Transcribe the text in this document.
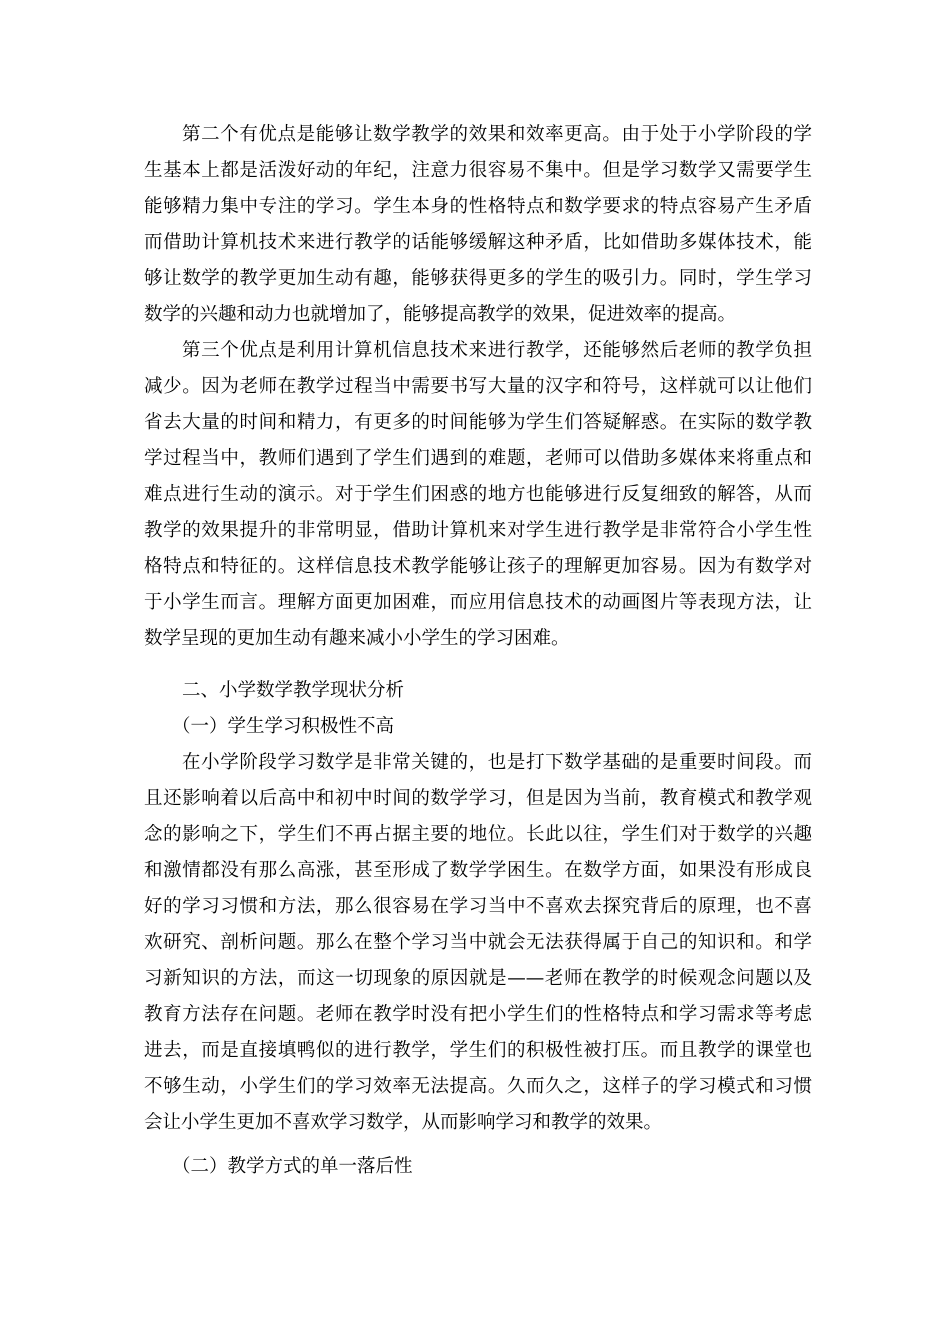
第二个有优点是能够让数学教学的效果和效率更高。由于处于小学阶段的学
生基本上都是活泼好动的年纪，注意力很容易不集中。但是学习数学又需要学生
能够精力集中专注的学习。学生本身的性格特点和数学要求的特点容易产生矛盾
而借助计算机技术来进行教学的话能够缓解这种矛盾，比如借助多媒体技术，能
够让数学的教学更加生动有趣，能够获得更多的学生的吸引力。同时，学生学习
数学的兴趣和动力也就增加了，能够提高教学的效果，促进效率的提高。
第三个优点是利用计算机信息技术来进行教学，还能够然后老师的教学负担
减少。因为老师在教学过程当中需要书写大量的汉字和符号，这样就可以让他们
省去大量的时间和精力，有更多的时间能够为学生们答疑解惑。在实际的数学教
学过程当中，教师们遇到了学生们遇到的难题，老师可以借助多媒体来将重点和
难点进行生动的演示。对于学生们困惑的地方也能够进行反复细致的解答，从而
教学的效果提升的非常明显，借助计算机来对学生进行教学是非常符合小学生性
格特点和特征的。这样信息技术教学能够让孩子的理解更加容易。因为有数学对
于小学生而言。理解方面更加困难，而应用信息技术的动画图片等表现方法，让
数学呈现的更加生动有趣来减小小学生的学习困难。
二、小学数学教学现状分析
（一）学生学习积极性不高
在小学阶段学习数学是非常关键的，也是打下数学基础的是重要时间段。而
且还影响着以后高中和初中时间的数学学习，但是因为当前，教育模式和教学观
念的影响之下，学生们不再占据主要的地位。长此以往，学生们对于数学的兴趣
和激情都没有那么高涨，甚至形成了数学学困生。在数学方面，如果没有形成良
好的学习习惯和方法，那么很容易在学习当中不喜欢去探究背后的原理，也不喜
欢研究、剖析问题。那么在整个学习当中就会无法获得属于自己的知识和。和学
习新知识的方法，而这一切现象的原因就是——老师在教学的时候观念问题以及
教育方法存在问题。老师在教学时没有把小学生们的性格特点和学习需求等考虑
进去，而是直接填鸭似的进行教学，学生们的积极性被打压。而且教学的课堂也
不够生动，小学生们的学习效率无法提高。久而久之，这样子的学习模式和习惯
会让小学生更加不喜欢学习数学，从而影响学习和教学的效果。
（二）教学方式的单一落后性
